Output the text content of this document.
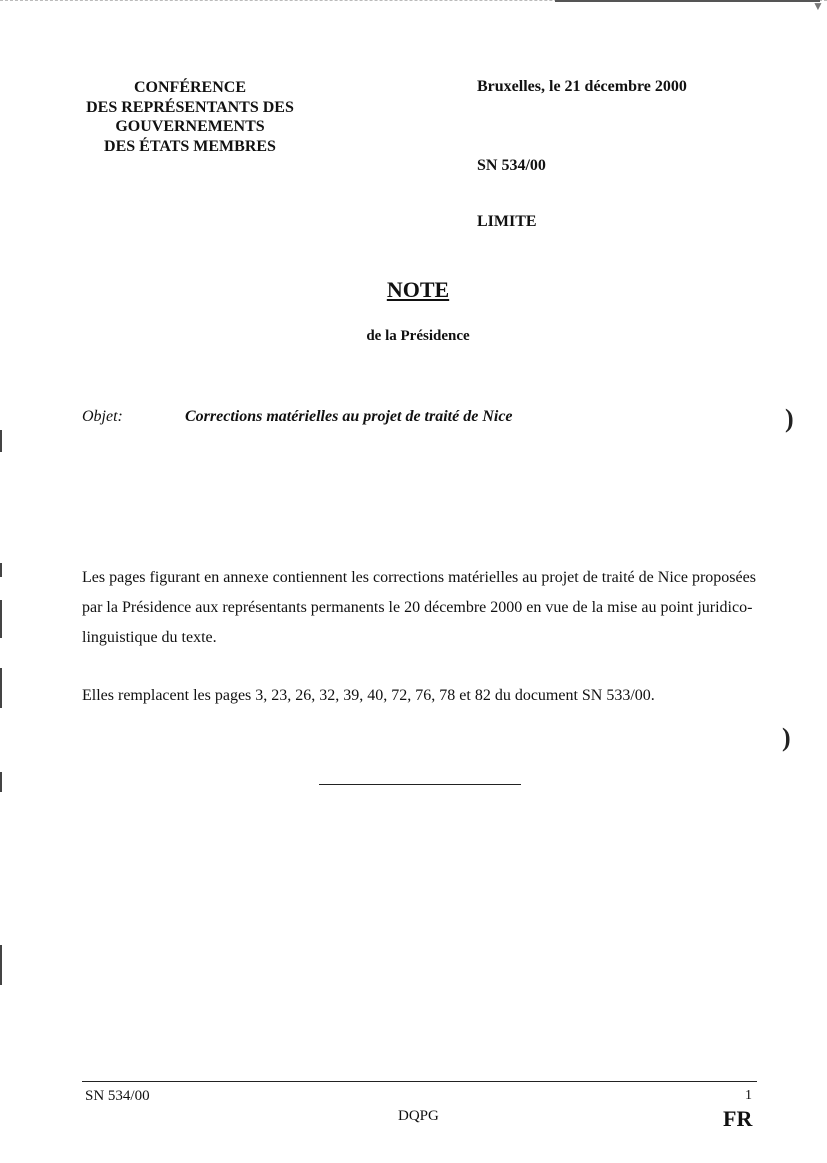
▼
CONFÉRENCE
DES REPRÉSENTANTS DES
GOUVERNEMENTS
DES ÉTATS MEMBRES
Bruxelles, le 21 décembre 2000
SN 534/00
LIMITE
NOTE
de la Présidence
Objet:	Corrections matérielles au projet de traité de Nice
Les pages figurant en annexe contiennent les corrections matérielles au projet de traité de Nice proposées par la Présidence aux représentants permanents le 20 décembre 2000 en vue de la mise au point juridico-linguistique du texte.
Elles remplacent les pages 3, 23, 26, 32, 39, 40, 72, 76, 78 et 82 du document SN 533/00.
)
)
SN 534/00
DQPG
1
FR
